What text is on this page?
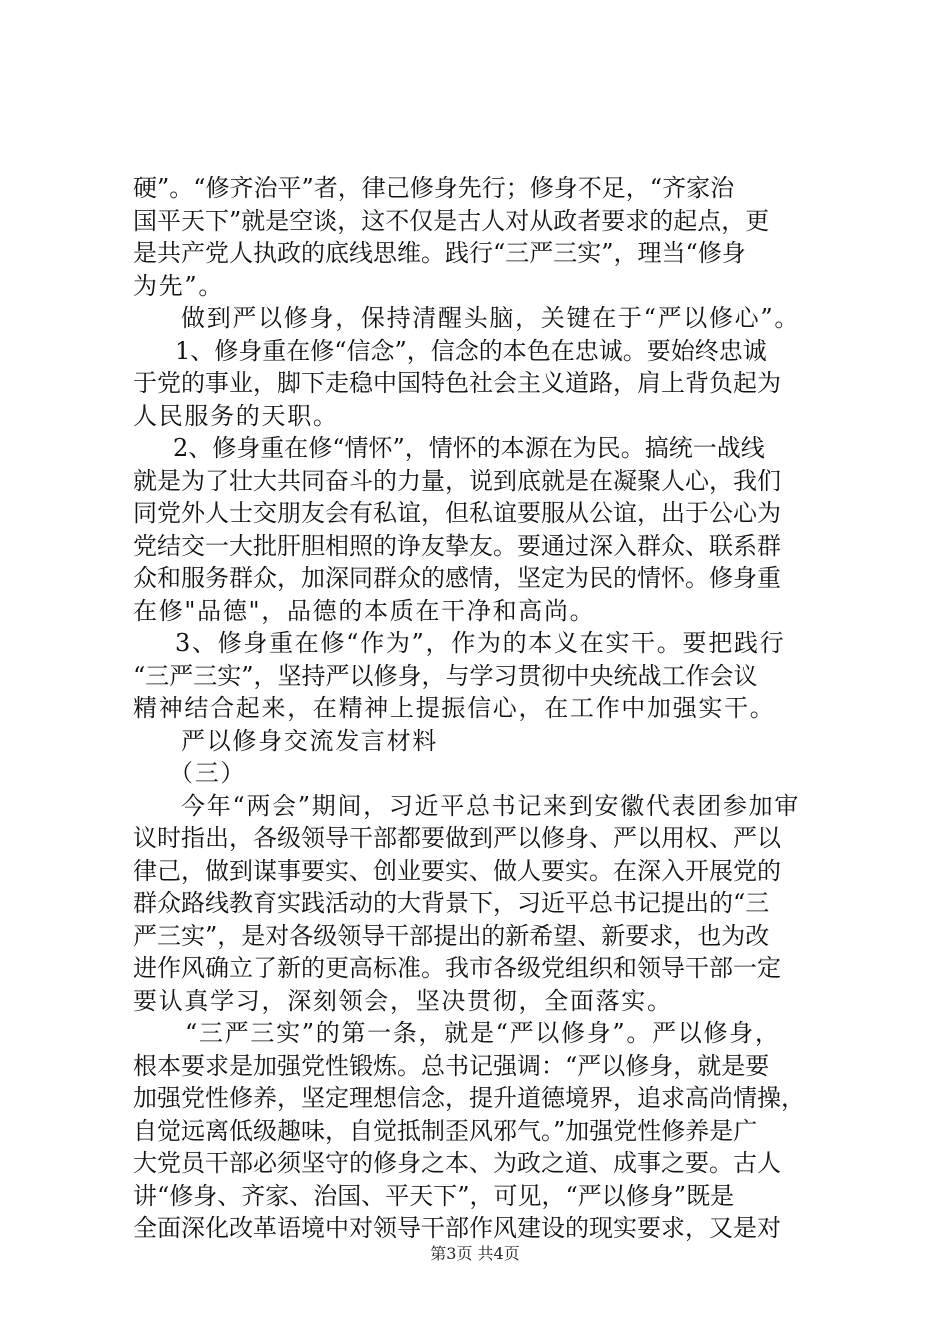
硬”。“修齐治平”者，律己修身先行；修身不足，“齐家治
国平天下”就是空谈，这不仅是古人对从政者要求的起点，更
是共产党人执政的底线思维。践行“三严三实”，理当“修身
为先”。
做到严以修身，保持清醒头脑，关键在于“严以修心”。
1、修身重在修“信念”，信念的本色在忠诚。要始终忠诚
于党的事业，脚下走稳中国特色社会主义道路，肩上背负起为
人民服务的天职。
2、修身重在修“情怀”，情怀的本源在为民。搞统一战线
就是为了壮大共同奋斗的力量，说到底就是在凝聚人心，我们
同党外人士交朋友会有私谊，但私谊要服从公谊，出于公心为
党结交一大批肝胆相照的诤友挚友。要通过深入群众、联系群
众和服务群众，加深同群众的感情，坚定为民的情怀。修身重
在修"品德"，品德的本质在干净和高尚。
3、修身重在修“作为”，作为的本义在实干。要把践行
“三严三实”，坚持严以修身，与学习贯彻中央统战工作会议
精神结合起来，在精神上提振信心，在工作中加强实干。
严以修身交流发言材料
（三）
今年“两会”期间，习近平总书记来到安徽代表团参加审
议时指出，各级领导干部都要做到严以修身、严以用权、严以
律己，做到谋事要实、创业要实、做人要实。在深入开展党的
群众路线教育实践活动的大背景下，习近平总书记提出的“三
严三实”，是对各级领导干部提出的新希望、新要求，也为改
进作风确立了新的更高标准。我市各级党组织和领导干部一定
要认真学习，深刻领会，坚决贯彻，全面落实。
“三严三实”的第一条，就是“严以修身”。严以修身，
根本要求是加强党性锻炼。总书记强调：“严以修身，就是要
加强党性修养，坚定理想信念，提升道德境界，追求高尚情操，
自觉远离低级趣味，自觉抵制歪风邪气。”加强党性修养是广
大党员干部必须坚守的修身之本、为政之道、成事之要。古人
讲“修身、齐家、治国、平天下”，可见，“严以修身”既是
全面深化改革语境中对领导干部作风建设的现实要求，又是对
第3页 共4页
